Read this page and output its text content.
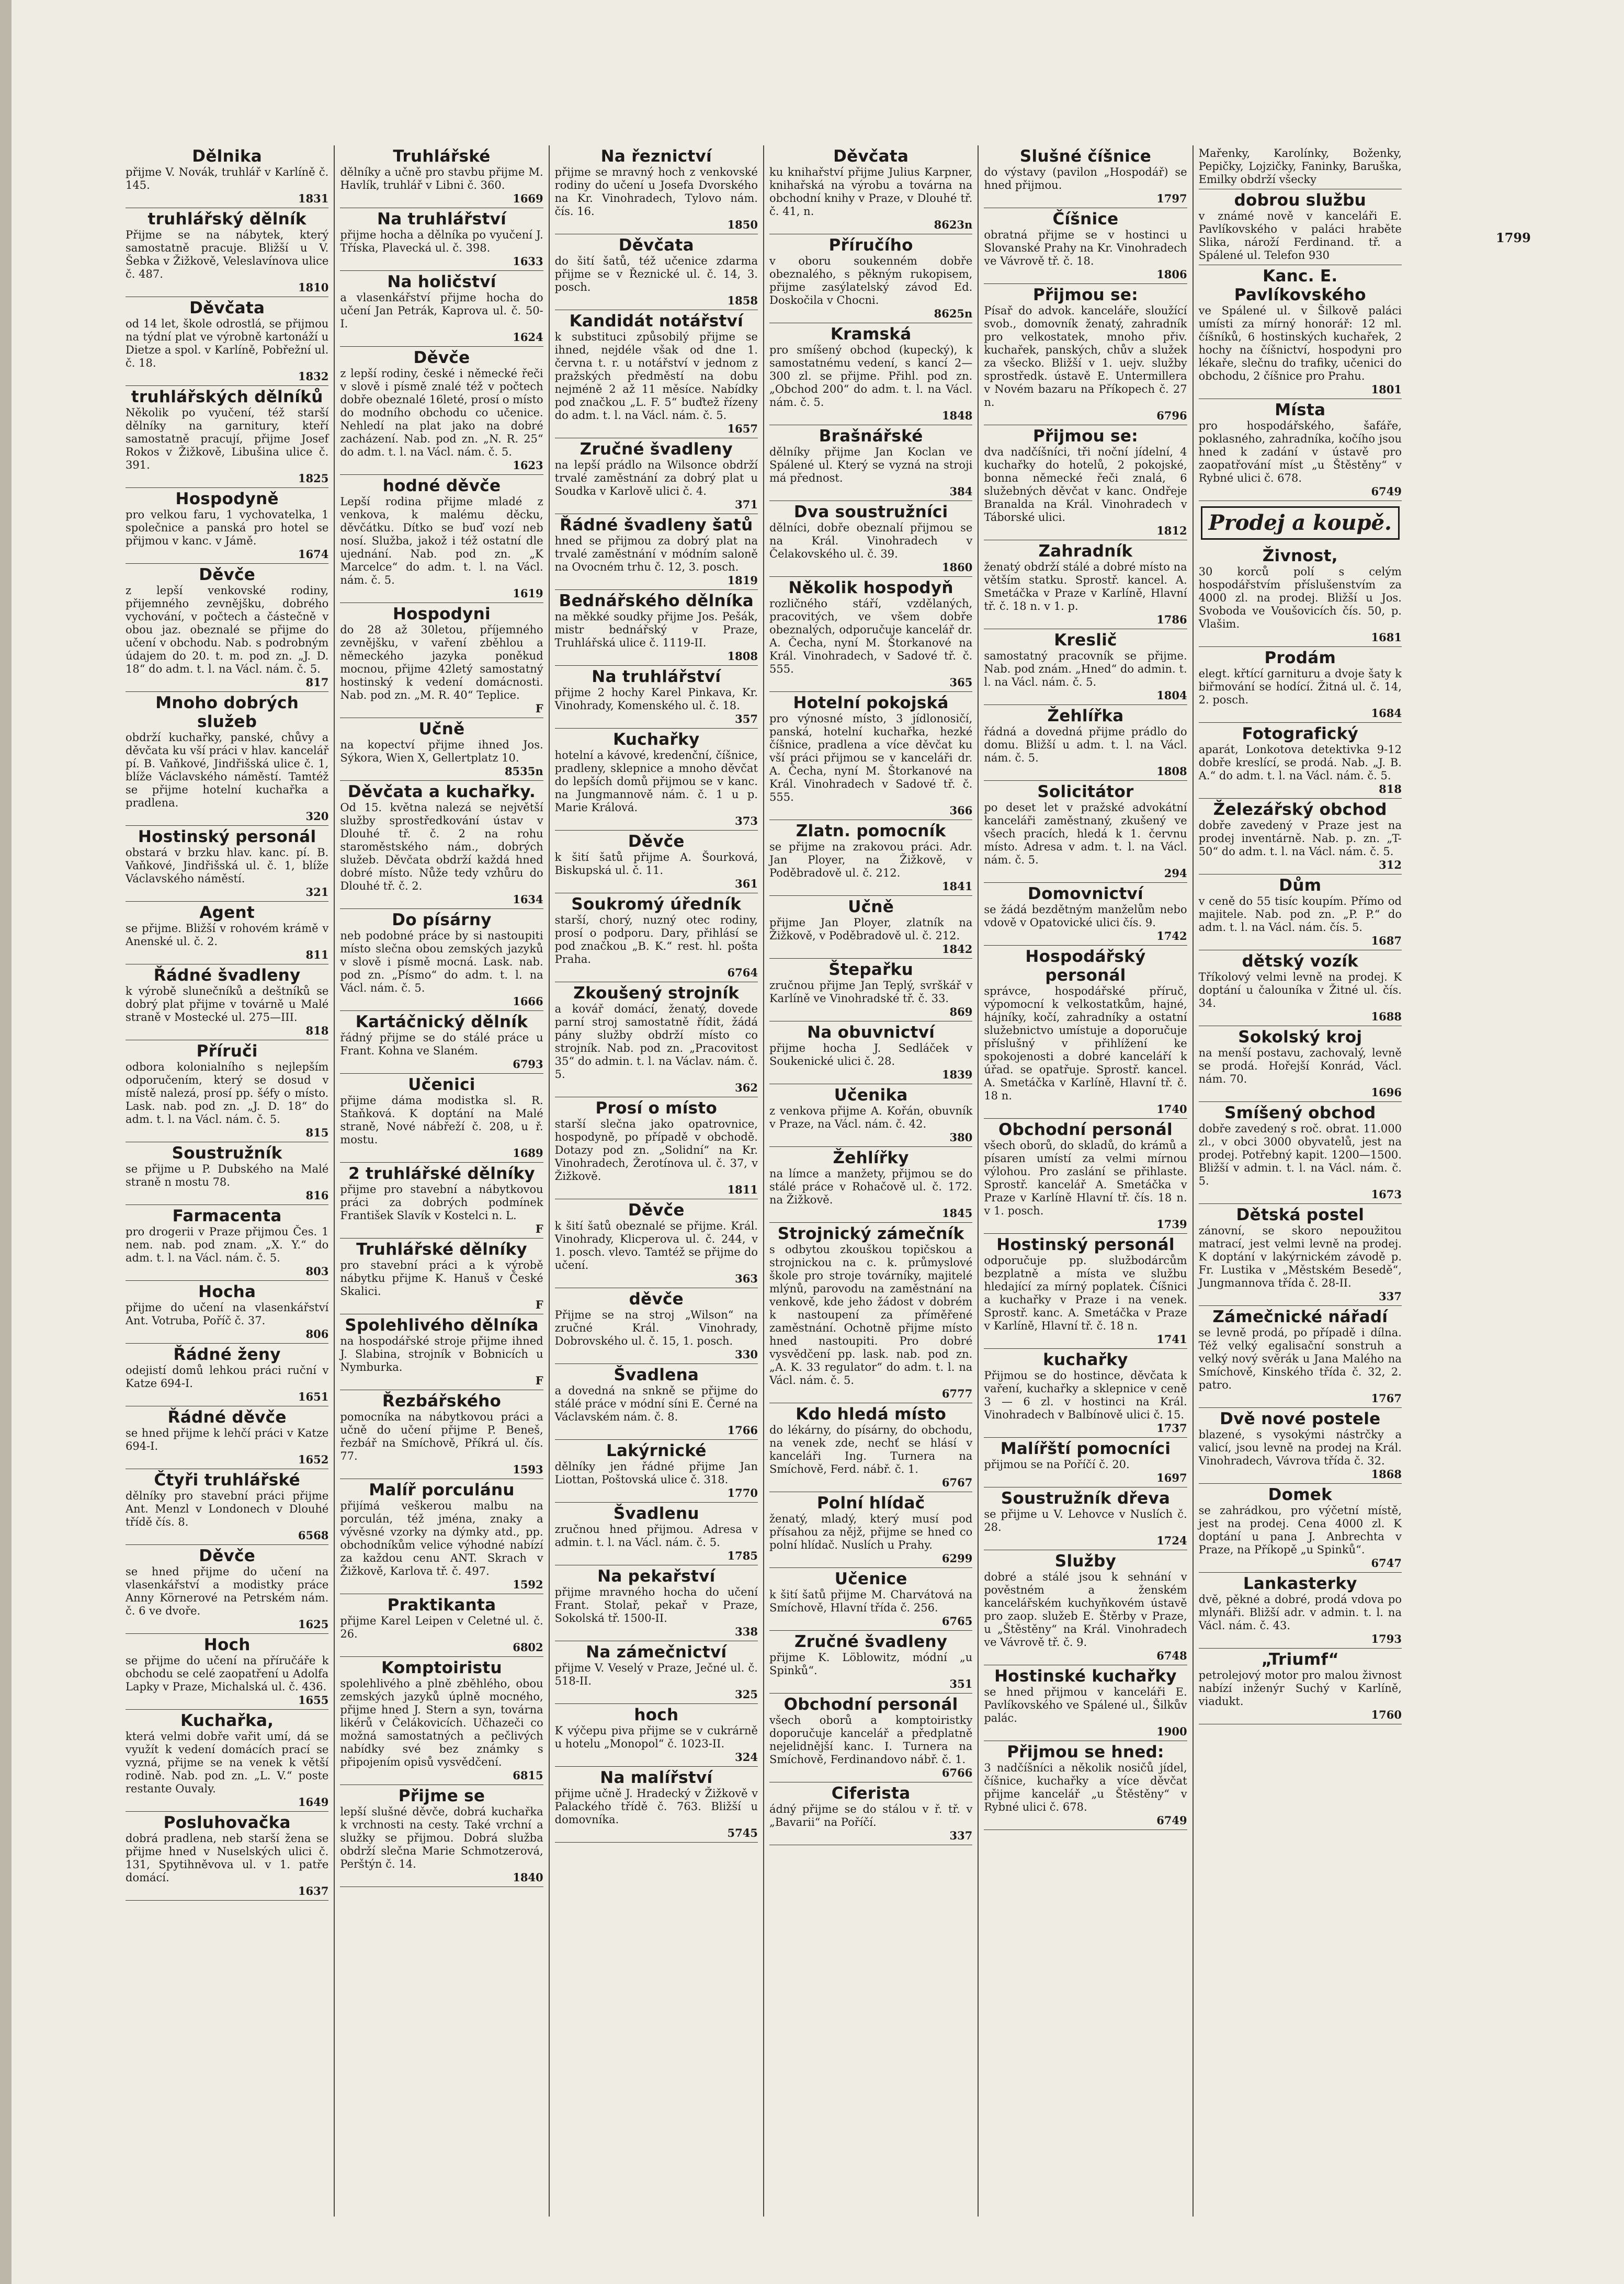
Dělnika

přijme V. Novák, truhlář v Karlíně č. 145.

1831
truhlářský dělník

Přijme se na nábytek, který samostatně pracuje. Bližší u V. Šebka v Žižkově, Veleslavínova ulice č. 487.

1810
Děvčata

od 14 let, škole odrostlá, se přijmou na týdní plat ve výrobně kartonáží u Dietze a spol. v Karlíně, Pobřežní ul. č. 18.

1832
truhlářských dělníků

Několik po vyučení, též starší dělníky na garnitury, kteří samostatně pracují, přijme Josef Rokos v Žižkově, Libušina ulice č. 391.

1825
Hospodyně

pro velkou faru, 1 vychovatelka, 1 společnice a panská pro hotel se přijmou v kanc. v Jámě.

1674
Děvče

z lepší venkovské rodiny, přijemného zevnějšku, dobrého vychování, v počtech a částečně v obou jaz. obeznalé se přijme do učení v obchodu. Nab. s podrobným údajem do 20. t. m. pod zn. „J. D. 18“ do adm. t. l. na Václ. nám. č. 5.

817
Mnoho dobrých služeb

obdrží kuchařky, panské, chůvy a děvčata ku vší práci v hlav. kancelář pí. B. Vaňkové, Jindřišská ulice č. 1, blíže Václavského náměstí. Tamtéž se přijme hotelní kuchařka a pradlena.

320
Hostinský personál

obstará v brzku hlav. kanc. pí. B. Vaňkové, Jindřišská ul. č. 1, blíže Václavského náměstí.

321
Agent

se přijme. Bližší v rohovém krámě v Anenské ul. č. 2.

811
Řádné švadleny

k výrobě slunečníků a deštníků se dobrý plat přijme v továrně u Malé straně v Mostecké ul. 275—III.

818
Příruči

odbora kolonialního s nejlepším odporučením, který se dosud v místě nalezá, prosí pp. šéfy o místo. Lask. nab. pod zn. „J. D. 18“ do adm. t. l. na Václ. nám. č. 5.

815
Soustružník

se přijme u P. Dubského na Malé straně n mostu 78.

816
Farmacenta

pro drogerii v Praze přijmou Čes. 1 nem. nab. pod znam. „X. Y.“ do adm. t. l. na Václ. nám. č. 5.

803
Hocha

přijme do učení na vlasenkářství Ant. Votruba, Poříč č. 37.

806
Řádné ženy

odejistí domů lehkou práci ruční v Katze 694-I.

1651
Řádné děvče

se hned přijme k lehčí práci v Katze 694-I.

1652
Čtyři truhlářské

dělníky pro stavební práci přijme Ant. Menzl v Londonech v Dlouhé třídě čís. 8.

6568
Děvče

se hned přijme do učení na vlasenkářství a modistky práce Anny Körnerové na Petrském nám. č. 6 ve dvoře.

1625
Hoch

se přijme do učení na příručáře k obchodu se celé zaopatření u Adolfa Lapky v Praze, Michalská ul. č. 436.

1655
Kuchařka,

která velmi dobře vařit umí, dá se využít k vedení domácích prací se vyzná, přijme se na venek k větší rodině. Nab. pod zn. „L. V.“ poste restante Ouvaly.

1649
Posluhovačka

dobrá pradlena, neb starší žena se přijme hned v Nuselských ulici č. 131, Spytihněvova ul. v 1. patře domácí.

1637
Truhlářské

dělníky a učně pro stavbu přijme M. Havlík, truhlář v Libni č. 360.

1669
Na truhlářství

přijme hocha a dělníka po vyučení J. Tříska, Plavecká ul. č. 398.

1633
Na holičství

a vlasenkářství přijme hocha do učení Jan Petrák, Kaprova ul. č. 50-I.

1624
Děvče

z lepší rodiny, české i německé řeči v slově i písmě znalé též v počtech dobře obeznalé 16leté, prosí o místo do modního obchodu co učenice. Nehledí na plat jako na dobré zacházení. Nab. pod zn. „N. R. 25“ do adm. t. l. na Václ. nám. č. 5.

1623
hodné děvče

Lepší rodina přijme mladé z venkova, k malému děcku, děvčátku. Dítko se buď vozí neb nosí. Služba, jakož i též ostatní dle ujednání. Nab. pod zn. „K Marcelce“ do adm. t. l. na Václ. nám. č. 5.

1619
Hospodyni

do 28 až 30letou, příjemného zevnějšku, v vaření zběhlou a německého jazyka poněkud mocnou, přijme 42letý samostatný hostinský k vedení domácnosti. Nab. pod zn. „M. R. 40“ Teplice.

F
Učně

na kopectví přijme ihned Jos. Sýkora, Wien X, Gellertplatz 10.

8535n
Děvčata a kuchařky.

Od 15. května nalezá se největší služby sprostředkování ústav v Dlouhé tř. č. 2 na rohu staroměstského nám., dobrých služeb. Děvčata obdrží každá hned dobré místo. Nůže tedy vzhůru do Dlouhé tř. č. 2.

1634
Do písárny

neb podobné práce by si nastoupiti místo slečna obou zemských jazyků v slově i písmě mocná. Lask. nab. pod zn. „Písmo“ do adm. t. l. na Václ. nám. č. 5.

1666
Kartáčnický dělník

řádný přijme se do stálé práce u Frant. Kohna ve Slaném.

6793
Učenici

přijme dáma modistka sl. R. Staňková. K doptání na Malé straně, Nové nábřeží č. 208, u ř. mostu.

1689
2 truhlářské dělníky

přijme pro stavební a nábytkovou práci za dobrých podmínek František Slavík v Kostelci n. L.

F
Truhlářské dělníky

pro stavební práci a k výrobě nábytku přijme K. Hanuš v České Skalici.

F
Spolehlivého dělníka

na hospodářské stroje přijme ihned J. Slabina, strojník v Bobnicích u Nymburka.

F
Řezbářského

pomocníka na nábytkovou práci a učně do učení přijme P. Beneš, řezbář na Smíchově, Příkrá ul. čís. 77.

1593
Malíř porculánu

přijímá veškerou malbu na porculán, též jména, znaky a vývěsné vzorky na dýmky atd., pp. obchodníkům velice výhodné nabízí za každou cenu ANT. Skrach v Žižkově, Karlova tř. č. 497.

1592
Praktikanta

přijme Karel Leipen v Celetné ul. č. 26.

6802
Komptoiristu

spolehlivého a plně zběhlého, obou zemských jazyků úplně mocného, přijme hned J. Stern a syn, továrna likérů v Čelákovicích. Učhazeči co možná samostatných a pečlivých nabídky své bez známky s připojením opisů vysvědčení.

6815
Přijme se

lepší slušné děvče, dobrá kuchařka k vrchnosti na cesty. Také vrchní a služky se přijmou. Dobrá služba obdrží slečna Marie Schmotzerová, Perštýn č. 14.

1840
Na řeznictví

přijme se mravný hoch z venkovské rodiny do učení u Josefa Dvorského na Kr. Vinohradech, Tylovo nám. čís. 16.

1850
Děvčata

do šití šatů, též učenice zdarma přijme se v Řeznické ul. č. 14, 3. posch.

1858
Kandidát notářství

k substituci způsobilý přijme se ihned, nejdéle však od dne 1. června t. r. u notářství v jednom z pražských předměstí na dobu nejméně 2 až 11 měsíce. Nabídky pod značkou „L. F. 5“ buďtež řízeny do adm. t. l. na Václ. nám. č. 5.

1657
Zručné švadleny

na lepší prádlo na Wilsonce obdrží trvalé zaměstnání za dobrý plat u Soudka v Karlově ulici č. 4.

371
Řádné švadleny šatů

hned se přijmou za dobrý plat na trvalé zaměstnání v módním saloně na Ovocném trhu č. 12, 3. posch.

1819
Bednářského dělníka

na měkké soudky přijme Jos. Pešák, mistr bednářský v Praze, Truhlářská ulice č. 1119-II.

1808
Na truhlářství

přijme 2 hochy Karel Pinkava, Kr. Vinohrady, Komenského ul. č. 18.

357
Kuchařky

hotelní a kávové, kredenční, číšnice, pradleny, sklepnice a mnoho děvčat do lepších domů přijmou se v kanc. na Jungmannově nám. č. 1 u p. Marie Králová.

373
Děvče

k šití šatů přijme A. Šourková, Biskupská ul. č. 11.

361
Soukromý úředník

starší, chorý, nuzný otec rodiny, prosí o podporu. Dary, přihlásí se pod značkou „B. K.“ rest. hl. pošta Praha.

6764
Zkoušený strojník

a kovář domácí, ženatý, dovede parní stroj samostatně řídit, žádá pány služby obdrží místo co strojník. Nab. pod zn. „Pracovitost 35“ do admin. t. l. na Václav. nám. č. 5.

362
Prosí o místo

starší slečna jako opatrovnice, hospodyně, po případě v obchodě. Dotazy pod zn. „Solidní“ na Kr. Vinohradech, Žerotínova ul. č. 37, v Žižkově.

1811
Děvče

k šití šatů obeznalé se přijme. Král. Vinohrady, Klicperova ul. č. 244, v 1. posch. vlevo. Tamtéž se přijme do učení.

363
děvče

Přijme se na stroj „Wilson“ na zručné Král. Vinohrady, Dobrovského ul. č. 15, 1. posch.

330
Švadlena

a dovedná na snkně se přijme do stálé práce v módní síni E. Černé na Václavském nám. č. 8.

1766
Lakýrnické

dělníky jen řádné přijme Jan Liottan, Poštovská ulice č. 318.

1770
Švadlenu

zručnou hned přijmou. Adresa v admin. t. l. na Václ. nám. č. 5.

1785
Na pekařství

přijme mravného hocha do učení Frant. Stolař, pekař v Praze, Sokolská tř. 1500-II.

338
Na zámečnictví

přijme V. Veselý v Praze, Ječné ul. č. 518-II.

325
hoch

K výčepu piva přijme se v cukrárně u hotelu „Monopol“ č. 1023-II.

324
Na malířství

přijme učně J. Hradecký v Žižkově v Palackého třídě č. 763. Bližší u domovníka.

5745
Děvčata

ku knihařství přijme Julius Karpner, knihařská na výrobu a továrna na obchodní knihy v Praze, v Dlouhé tř. č. 41, n.

8623n
Příručího

v oboru soukenném dobře obeznalého, s pěkným rukopisem, přijme zasýlatelský závod Ed. Doskočila v Chocni.

8625n
Kramská

pro smíšený obchod (kupecký), k samostatnému vedení, s kancí 2—300 zl. se přijme. Přihl. pod zn. „Obchod 200“ do adm. t. l. na Václ. nám. č. 5.

1848
Brašnářské

dělníky přijme Jan Koclan ve Spálené ul. Který se vyzná na stroji má přednost.

384
Dva soustružníci

dělníci, dobře obeznalí přijmou se na Král. Vinohradech v Čelakovského ul. č. 39.

1860
Několik hospodyň

rozličného stáří, vzdělaných, pracovitých, ve všem dobře obeznalých, odporučuje kancelář dr. A. Čecha, nyní M. Štorkanové na Král. Vinohradech, v Sadové tř. č. 555.

365
Hotelní pokojská

pro výnosné místo, 3 jídlonosičí, panská, hotelní kuchařka, hezké číšnice, pradlena a více děvčat ku vší práci přijmou se v kanceláři dr. A. Čecha, nyní M. Štorkanové na Král. Vinohradech v Sadové tř. č. 555.

366
Zlatn. pomocník

se přijme na zrakovou práci. Adr. Jan Ployer, na Žižkově, v Poděbradově ul. č. 212.

1841
Učně

přijme Jan Ployer, zlatník na Žižkově, v Poděbradově ul. č. 212.

1842
Štepařku

zručnou přijme Jan Teplý, svrškář v Karlíně ve Vinohradské tř. č. 33.

869
Na obuvnictví

přijme hocha J. Sedláček v Soukenické ulici č. 28.

1839
Učenika

z venkova přijme A. Kořán, obuvník v Praze, na Václ. nám. č. 42.

380
Žehlířky

na límce a manžety, přijmou se do stálé práce v Rohačově ul. č. 172. na Žižkově.

1845
Strojnický zámečník

s odbytou zkouškou topičskou a strojnickou na c. k. průmyslové škole pro stroje továrníky, majitelé mlýnů, parovodu na zaměstnání na venkově, kde jeho žádost v dobrém k nastoupení za příměřené zaměstnání. Ochotně přijme místo hned nastoupiti. Pro dobré vysvědčení pp. lask. nab. pod zn. „A. K. 33 regulator“ do adm. t. l. na Václ. nám. č. 5.

6777
Kdo hledá místo

do lékárny, do písárny, do obchodu, na venek zde, nechť se hlásí v kanceláři Ing. Turnera na Smíchově, Ferd. nábř. č. 1.

6767
Polní hlídač

ženatý, mladý, který musí pod přísahou za nějž, přijme se hned co polní hlídač. Nuslích u Prahy.

6299
Učenice

k šití šatů přijme M. Charvátová na Smíchově, Hlavní třída č. 256.

6765
Zručné švadleny

přijme K. Löblowitz, módní „u Spinků“.

351
Obchodní personál

všech oborů a komptoiristky doporučuje kancelář a předplatně nejelidnější kanc. I. Turnera na Smíchově, Ferdinandovo nábř. č. 1.

6766
Ciferista

ádný přijme se do stálou v ř. tř. v „Bavarii“ na Poříčí.

337
Slušné číšnice

do výstavy (pavilon „Hospodář) se hned přijmou.

1797
Číšnice

obratná přijme se v hostinci u Slovanské Prahy na Kr. Vinohradech ve Vávrově tř. č. 18.

1806
Přijmou se:

Písař do advok. kanceláře, sloužící svob., domovník ženatý, zahradník pro velkostatek, mnoho přiv. kuchařek, panských, chův a služek za všecko. Bližší v 1. uejv. služby sprostředk. ústavě E. Untermillera v Novém bazaru na Příkopech č. 27 n.

6796
Přijmou se:

dva nadčíšníci, tři noční jídelní, 4 kuchařky do hotelů, 2 pokojské, bonna německé řeči znalá, 6 služebných děvčat v kanc. Ondřeje Branalda na Král. Vinohradech v Táborské ulici.

1812
Zahradník

ženatý obdrží stálé a dobré místo na větším statku. Sprostř. kancel. A. Smetáčka v Praze v Karlíně, Hlavní tř. č. 18 n. v 1. p.

1786
Kreslič

samostatný pracovník se přijme. Nab. pod znám. „Hned“ do admin. t. l. na Václ. nám. č. 5.

1804
Žehlířka

řádná a dovedná přijme prádlo do domu. Bližší u adm. t. l. na Václ. nám. č. 5.

1808
Solicitátor

po deset let v pražské advokátní kanceláři zaměstnaný, zkušený ve všech pracích, hledá k 1. červnu místo. Adresa v adm. t. l. na Václ. nám. č. 5.

294
Domovnictví

se žádá bezdětným manželům nebo vdově v Opatovické ulici čís. 9.

1742
Hospodářský personál

správce, hospodářské příruč, výpomocní k velkostatkům, hajné, hájníky, kočí, zahradníky a ostatní služebnictvo umístuje a doporučuje příslušný v přihlížení ke spokojenosti a dobré kanceláří k úřad. se opatřuje. Sprostř. kancel. A. Smetáčka v Karlíně, Hlavní tř. č. 18 n.

1740
Obchodní personál

všech oborů, do skladů, do krámů a písaren umístí za velmi mírnou výlohou. Pro zaslání se přihlaste. Sprostř. kancelář A. Smetáčka v Praze v Karlíně Hlavní tř. čís. 18 n. v 1. posch.

1739
Hostinský personál

odporučuje pp. službodárcům bezplatně a místa ve službu hledající za mírný poplatek. Číšnici a kuchařky v Praze i na venek. Sprostř. kanc. A. Smetáčka v Praze v Karlíně, Hlavní tř. č. 18 n.

1741
kuchařky

Přijmou se do hostince, děvčata k vaření, kuchařky a sklepnice v ceně 3 — 6 zl. v hostinci na Král. Vinohradech v Balbínově ulici č. 15.

1737
Malířští pomocníci

přijmou se na Poříčí č. 20.

1697
Soustružník dřeva

se přijme u V. Lehovce v Nuslích č. 28.

1724
Služby

dobré a stálé jsou k sehnání v pověstném a ženském kancelářském kuchyňkovém ústavě pro zaop. služeb E. Štěrby v Praze, u „Štěstěny“ na Král. Vinohradech ve Vávrově tř. č. 9.

6748
Hostinské kuchařky

se hned přijmou v kanceláři E. Pavlíkovského ve Spálené ul., Šilkův palác.

1900
Přijmou se hned:

3 nadčíšníci a několik nosičů jídel, číšnice, kuchařky a více děvčat přijme kancelář „u Štěstěny“ v Rybné ulici č. 678.

6749

Mařenky, Karolínky, Boženky, Pepičky, Lojzičky, Faninky, Baruška, Emilky obdrží všecky

dobrou službu

v známé nově v kanceláři E. Pavlíkovského v paláci hraběte Slika, nároží Ferdinand. tř. a Spálené ul. Telefon 930

Kanc. E. Pavlíkovského

ve Spálené ul. v Šilkově paláci umísti za mírný honorář: 12 ml. číšníků, 6 hostinských kuchařek, 2 hochy na číšnictví, hospodyni pro lékaře, slečnu do trafiky, učenici do obchodu, 2 číšnice pro Prahu.

1801
Místa

pro hospodářského, šafáře, poklasného, zahradníka, kočího jsou hned k zadání v ústavě pro zaopatřování míst „u Štěstěny“ v Rybné ulici č. 678.

6749
Prodej a koupě.
Živnost,

30 korců polí s celým hospodářstvím příslušenstvím za 4000 zl. na prodej. Bližší u Jos. Svoboda ve Voušovicích čís. 50, p. Vlašim.

1681
Prodám

elegt. křtící garnituru a dvoje šaty k biřmování se hodící. Žitná ul. č. 14, 2. posch.

1684
Fotografický

aparát, Lonkotova detektivka 9-12 dobře kreslící, se prodá. Nab. „J. B. A.“ do adm. t. l. na Václ. nám. č. 5.

818
Železářský obchod

dobře zavedený v Praze jest na prodej inventárně. Nab. p. zn. „T-50“ do adm. t. l. na Václ. nám. č. 5.

312
Dům

v ceně do 55 tisíc koupím. Přímo od majitele. Nab. pod zn. „P. P.“ do adm. t. l. na Václ. nám. čís. 5.

1687
dětský vozík

Tříkolový velmi levně na prodej. K doptání u čalouníka v Žitné ul. čís. 34.

1688
Sokolský kroj

na menší postavu, zachovalý, levně se prodá. Hořejší Konrád, Václ. nám. 70.

1696
Smíšený obchod

dobře zavedený s roč. obrat. 11.000 zl., v obci 3000 obyvatelů, jest na prodej. Potřebný kapit. 1200—1500. Bližší v admin. t. l. na Václ. nám. č. 5.

1673
Dětská postel

zánovní, se skoro nepoužitou matrací, jest velmi levně na prodej. K doptání v lakýrnickém závodě p. Fr. Lustika v „Městském Besedě“, Jungmannova třída č. 28-II.

337
Zámečnické nářadí

se levně prodá, po případě i dílna. Též velký egalisační sonstruh a velký nový svěrák u Jana Malého na Smíchově, Kinského třída č. 32, 2. patro.

1767
Dvě nové postele

blazené, s vysokými nástrčky a valicí, jsou levně na prodej na Král. Vinohradech, Vávrova třída č. 32.

1868
Domek

se zahrádkou, pro výčetní místě, jest na prodej. Cena 4000 zl. K doptání u pana J. Anbrechta v Praze, na Příkopě „u Spinků“.

6747
Lankasterky

dvě, pěkné a dobré, prodá vdova po mlynáři. Bližší adr. v admin. t. l. na Václ. nám. č. 43.

1793
„Triumf“

petrolejový motor pro malou živnost nabízí inženýr Suchý v Karlíně, viadukt.

1760
1799
